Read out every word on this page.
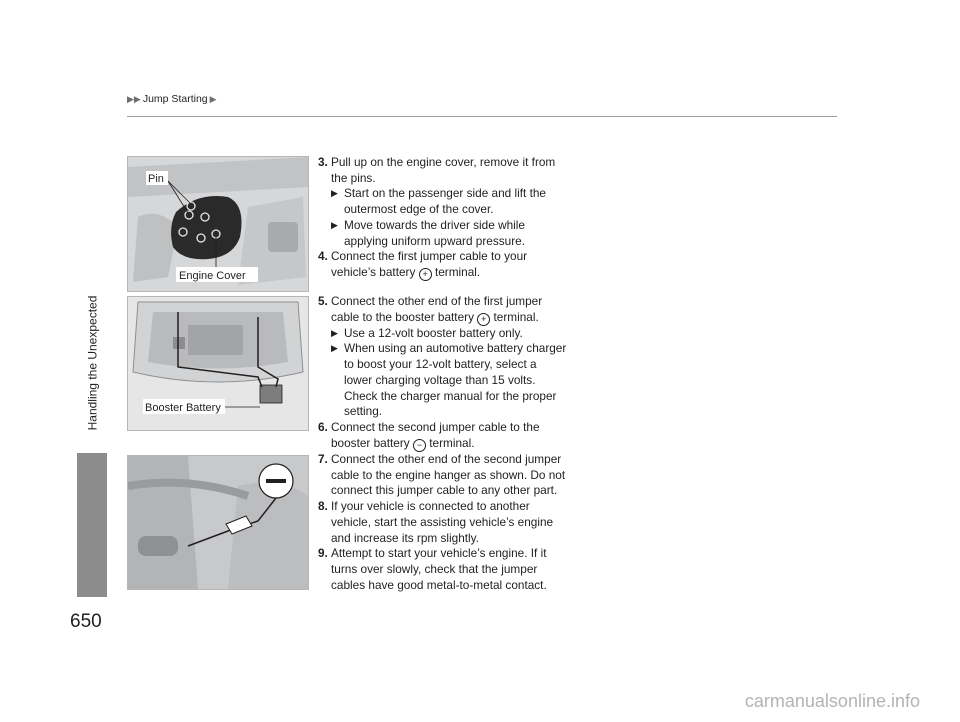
▶▶ Jump Starting ▶
Handling the Unexpected
650
Pin
Engine Cover
Booster Battery

3. Pull up on the engine cover, remove it from the pins.

▶ Start on the passenger side and lift the outermost edge of the cover.
▶ Move towards the driver side while applying uniform upward pressure.

4. Connect the first jumper cable to your vehicle’s battery + terminal.

5. Connect the other end of the first jumper cable to the booster battery + terminal.

▶ Use a 12-volt booster battery only.
▶ When using an automotive battery charger to boost your 12-volt battery, select a lower charging voltage than 15 volts. Check the charger manual for the proper setting.

6. Connect the second jumper cable to the booster battery − terminal.

7. Connect the other end of the second jumper cable to the engine hanger as shown. Do not connect this jumper cable to any other part.

8. If your vehicle is connected to another vehicle, start the assisting vehicle’s engine and increase its rpm slightly.

9. Attempt to start your vehicle’s engine. If it turns over slowly, check that the jumper cables have good metal-to-metal contact.

carmanualsonline.info
